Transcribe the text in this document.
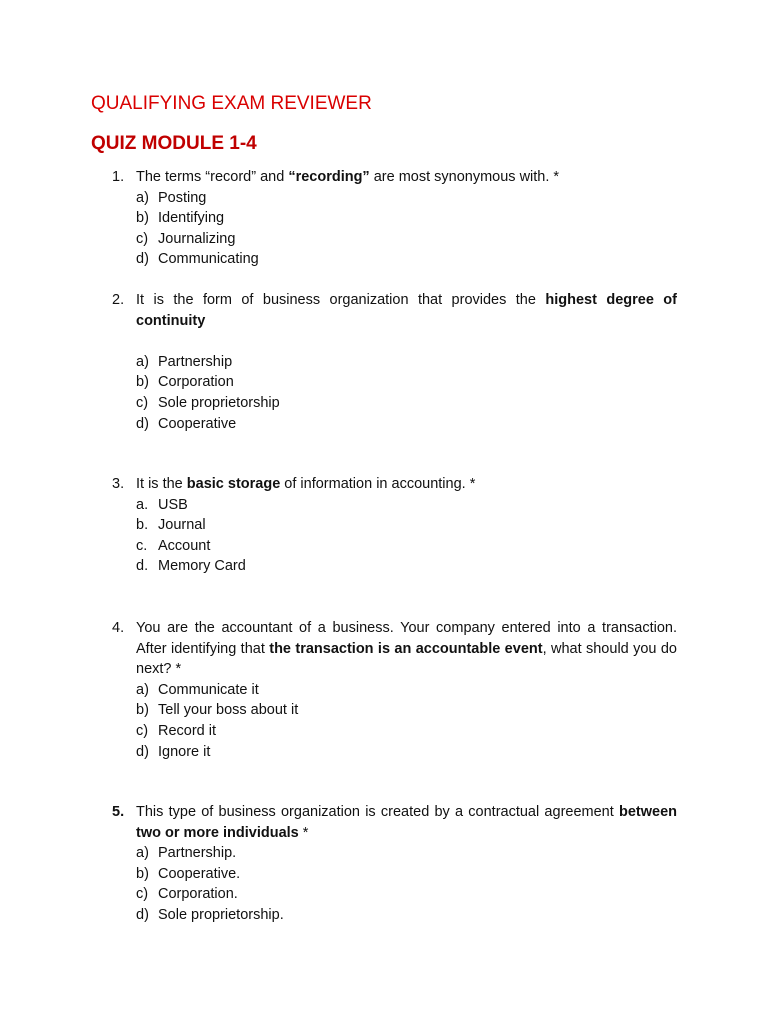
QUALIFYING EXAM REVIEWER
QUIZ MODULE 1-4
1. The terms “record” and “recording” are most synonymous with. *
a) Posting
b) Identifying
c) Journalizing
d) Communicating
2. It is the form of business organization that provides the highest degree of continuity
a) Partnership
b) Corporation
c) Sole proprietorship
d) Cooperative
3. It is the basic storage of information in accounting. *
a. USB
b. Journal
c. Account
d. Memory Card
4. You are the accountant of a business. Your company entered into a transaction. After identifying that the transaction is an accountable event, what should you do next? *
a) Communicate it
b) Tell your boss about it
c) Record it
d) Ignore it
5. This type of business organization is created by a contractual agreement between two or more individuals *
a) Partnership.
b) Cooperative.
c) Corporation.
d) Sole proprietorship.
